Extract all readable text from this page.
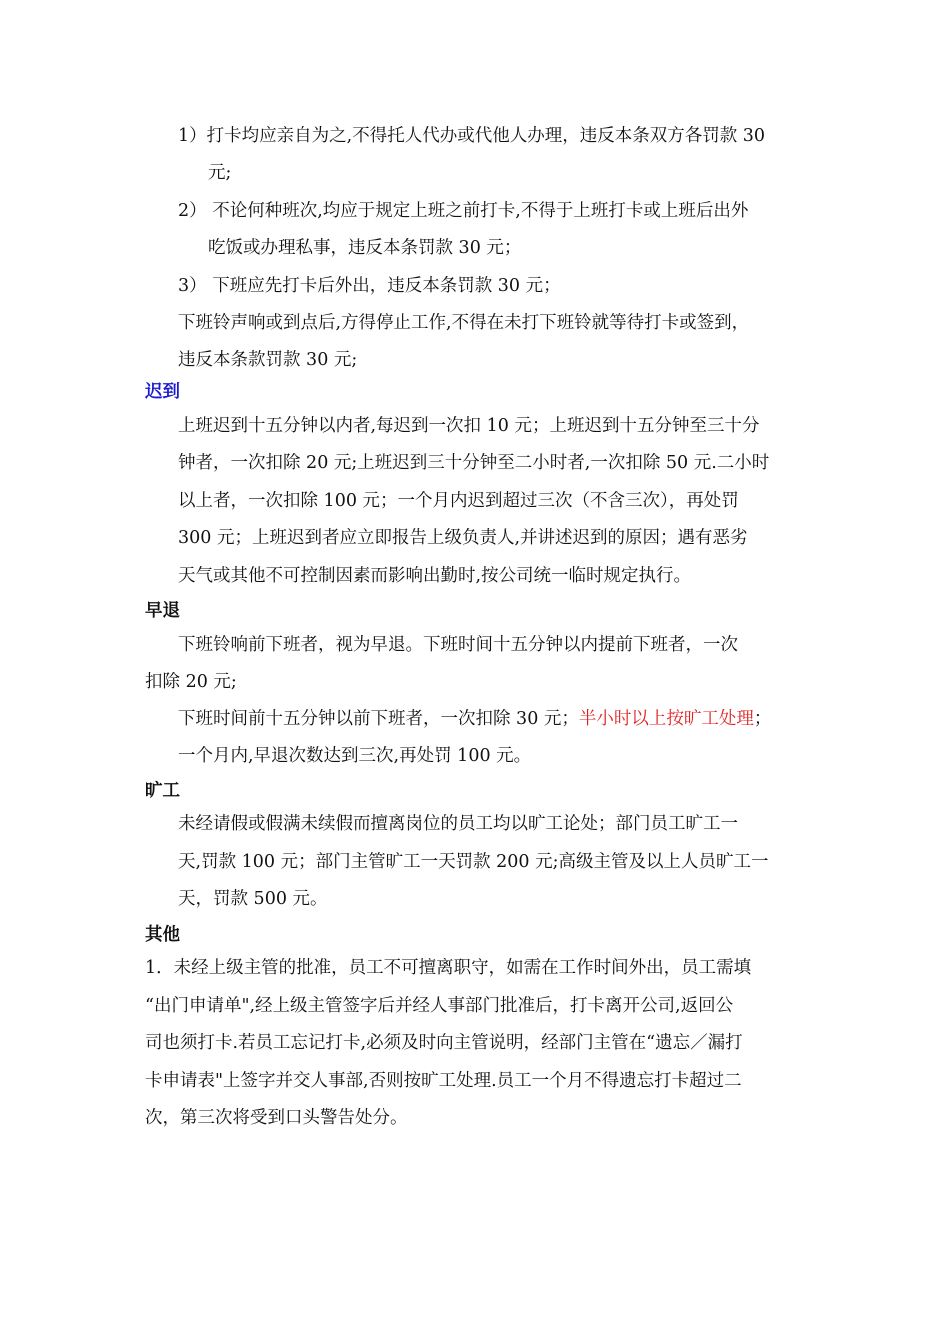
1）打卡均应亲自为之,不得托人代办或代他人办理，违反本条双方各罚款 30

元;

2） 不论何种班次,均应于规定上班之前打卡,不得于上班打卡或上班后出外

吃饭或办理私事，违反本条罚款 30 元；

3） 下班应先打卡后外出，违反本条罚款 30 元；

下班铃声响或到点后,方得停止工作,不得在未打下班铃就等待打卡或签到，

违反本条款罚款 30 元;

迟到

上班迟到十五分钟以内者,每迟到一次扣 10 元；上班迟到十五分钟至三十分

钟者，一次扣除 20 元;上班迟到三十分钟至二小时者,一次扣除 50 元.二小时

以上者，一次扣除 100 元；一个月内迟到超过三次（不含三次），再处罚

300 元；上班迟到者应立即报告上级负责人,并讲述迟到的原因；遇有恶劣

天气或其他不可控制因素而影响出勤时,按公司统一临时规定执行。

早退

下班铃响前下班者，视为早退。下班时间十五分钟以内提前下班者，一次

扣除 20 元;

下班时间前十五分钟以前下班者，一次扣除 30 元；半小时以上按旷工处理；

一个月内,早退次数达到三次,再处罚 100 元。

旷工

未经请假或假满未续假而擅离岗位的员工均以旷工论处；部门员工旷工一

天,罚款 100 元；部门主管旷工一天罚款 200 元;高级主管及以上人员旷工一

天，罚款 500 元。

其他

1．未经上级主管的批准，员工不可擅离职守，如需在工作时间外出，员工需填

“出门申请单",经上级主管签字后并经人事部门批准后，打卡离开公司,返回公

司也须打卡.若员工忘记打卡,必须及时向主管说明，经部门主管在“遗忘／漏打

卡申请表"上签字并交人事部,否则按旷工处理.员工一个月不得遗忘打卡超过二

次，第三次将受到口头警告处分。
